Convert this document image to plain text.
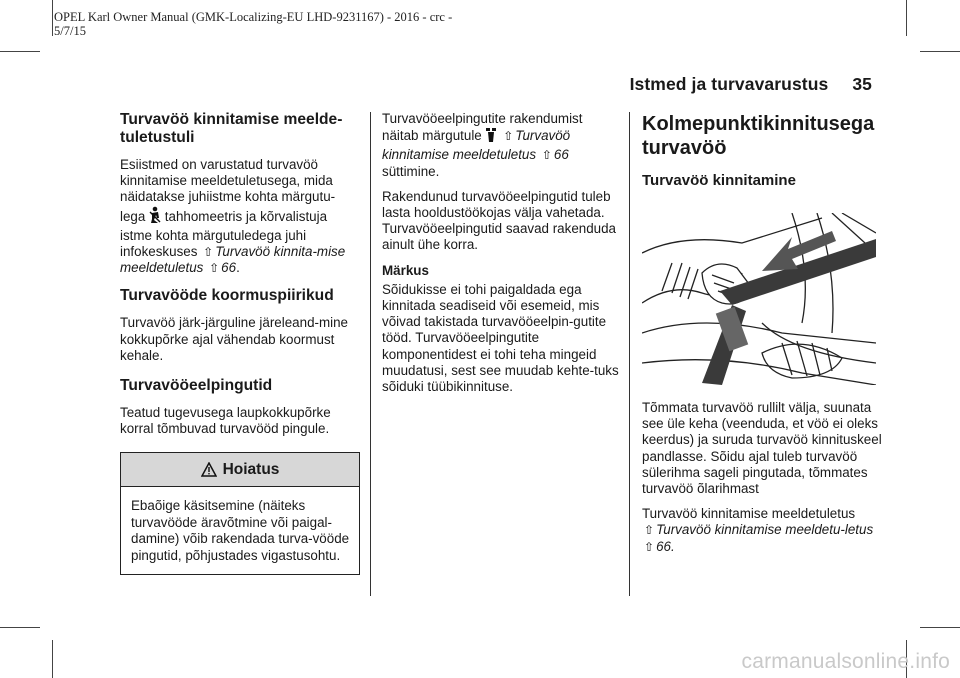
OPEL Karl Owner Manual (GMK-Localizing-EU LHD-9231167) - 2016 - crc -
5/7/15
Istmed ja turvavarustus 35
Turvavöö kinnitamise meelde-
tuletustuli

Esiistmed on varustatud turvavöö kinnitamise meeldetuletusega, mida näidatakse juhiistme kohta märgutu-lega tahhomeetris ja kõrvalistuja istme kohta märgutuledega juhi infokeskuses ⇧ Turvavöö kinnita-mise meeldetuletus ⇧ 66.

Turvavööde koormuspiirikud

Turvavöö järk-järguline järeleand-mine kokkupõrke ajal vähendab koormust kehale.

Turvavööeelpingutid

Teatud tugevusega laupkokkupõrke korral tõmbuvad turvavööd pingule.

Hoiatus
Ebaõige käsitsemine (näiteks turvavööde äravõtmine või paigal-damine) võib rakendada turva-vööde pingutid, põhjustades vigastusohtu.

Turvavööeelpingutite rakendumist näitab märgutule ⇧ Turvavöö kinnitamise meeldetuletus ⇧ 66 süttimine.

Rakendunud turvavööeelpingutid tuleb lasta hooldustöökojas välja vahetada. Turvavööeelpingutid saavad rakenduda ainult ühe korra.

Märkus

Sõidukisse ei tohi paigaldada ega kinnitada seadiseid või esemeid, mis võivad takistada turvavööeelpin-gutite tööd. Turvavööeelpingutite komponentidest ei tohi teha mingeid muudatusi, sest see muudab kehte-tuks sõiduki tüübikinnituse.

Kolmepunktikinnitusega
turvavöö
Turvavöö kinnitamine

Tõmmata turvavöö rullilt välja, suunata see üle keha (veenduda, et vöö ei oleks keerdus) ja suruda turvavöö kinnituskeel pandlasse. Sõidu ajal tuleb turvavöö sülerihma sageli pingutada, tõmmates turvavöö õlarihmast

Turvavöö kinnitamise meeldetuletus
⇧ Turvavöö kinnitamise meeldetu-letus ⇧ 66.

carmanualsonline.info
